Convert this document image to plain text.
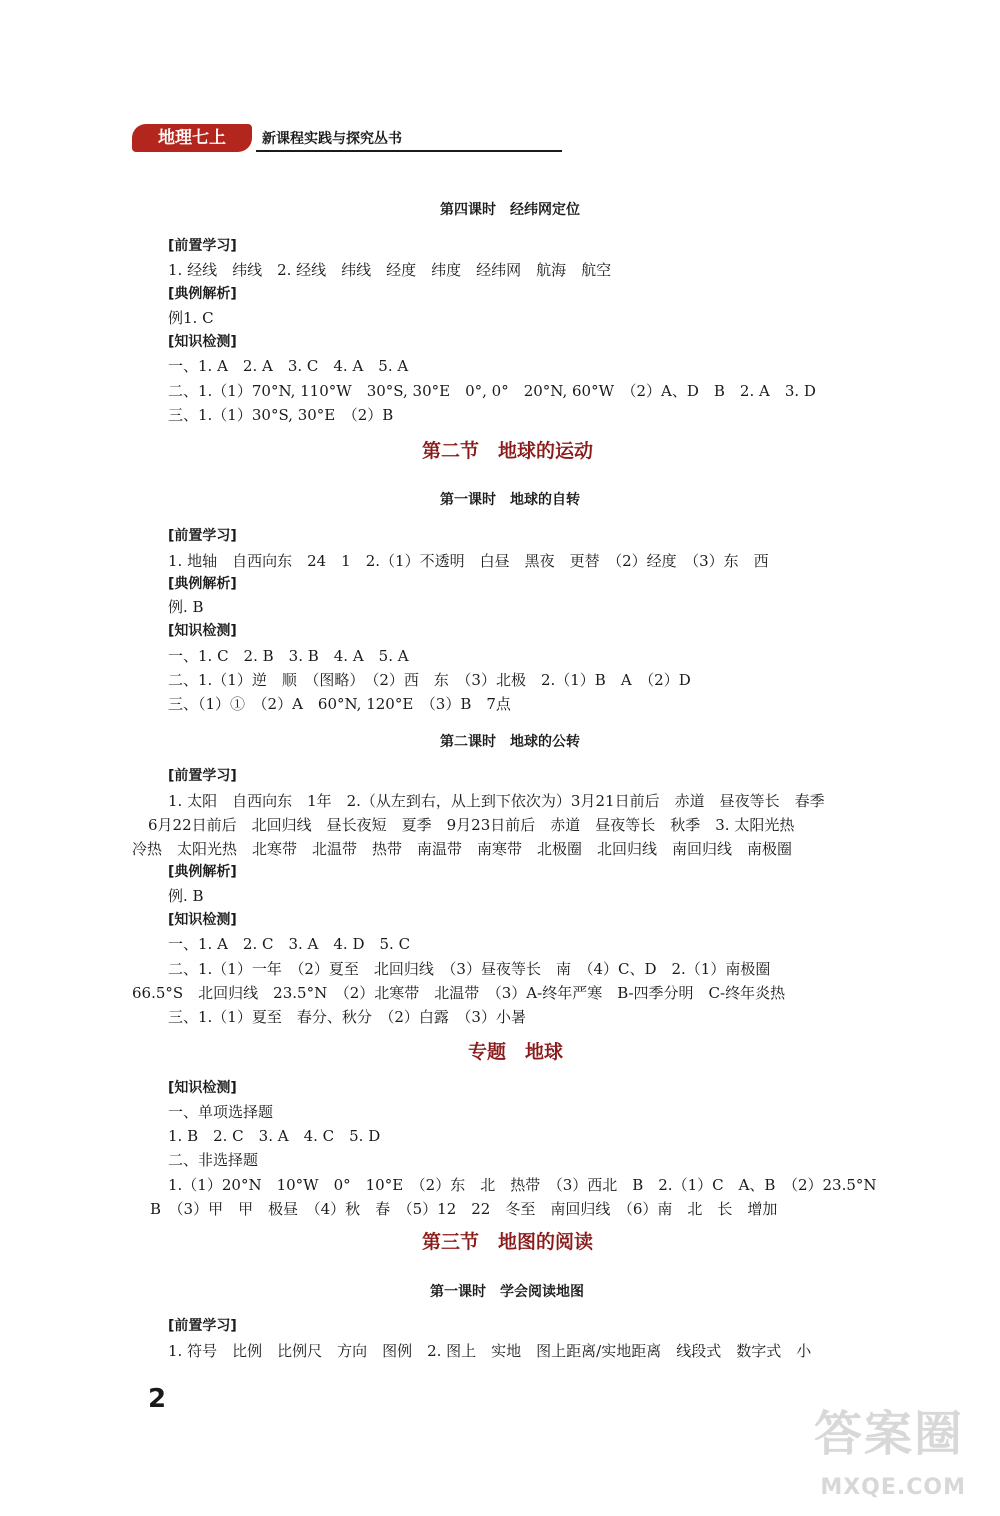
地理七上	新课程实践与探究丛书
第四课时　经纬网定位
[前置学习]
1. 经线　纬线　2. 经线　纬线　经度　纬度　经纬网　航海　航空
[典例解析]
例1. C
[知识检测]
一、1. A　2. A　3. C　4. A　5. A
二、1.（1）70°N, 110°W　30°S, 30°E　0°, 0°　20°N, 60°W　（2）A、D　B　2. A　3. D
三、1.（1）30°S, 30°E　（2）B
第二节　地球的运动
第一课时　地球的自转
[前置学习]
1. 地轴　自西向东　24　1　2.（1）不透明　白昼　黑夜　更替　（2）经度　（3）东　西
[典例解析]
例. B
[知识检测]
一、1. C　2. B　3. B　4. A　5. A
二、1.（1）逆　顺　（图略）　（2）西　东　（3）北极　2.（1）B　A　（2）D
三、（1）①　（2）A　60°N, 120°E　（3）B　7点
第二课时　地球的公转
[前置学习]
1. 太阳　自西向东　1年　2.（从左到右，从上到下依次为）3月21日前后　赤道　昼夜等长　春季
6月22日前后　北回归线　昼长夜短　夏季　9月23日前后　赤道　昼夜等长　秋季　3. 太阳光热
冷热　太阳光热　北寒带　北温带　热带　南温带　南寒带　北极圈　北回归线　南回归线　南极圈
[典例解析]
例. B
[知识检测]
一、1. A　2. C　3. A　4. D　5. C
二、1.（1）一年　（2）夏至　北回归线　（3）昼夜等长　南　（4）C、D　2.（1）南极圈
66.5°S　北回归线　23.5°N　（2）北寒带　北温带　（3）A-终年严寒　B-四季分明　C-终年炎热
三、1.（1）夏至　春分、秋分　（2）白露　（3）小暑
专题　地球
[知识检测]
一、单项选择题
1. B　2. C　3. A　4. C　5. D
二、非选择题
1.（1）20°N　10°W　0°　10°E　（2）东　北　热带　（3）西北　B　2.（1）C　A、B　（2）23.5°N
B　（3）甲　甲　极昼　（4）秋　春　（5）12　22　冬至　南回归线　（6）南　北　长　增加
第三节　地图的阅读
第一课时　学会阅读地图
[前置学习]
1. 符号　比例　比例尺　方向　图例　2. 图上　实地　图上距离/实地距离　线段式　数字式　小
2
答案圈
MXQE.COM
